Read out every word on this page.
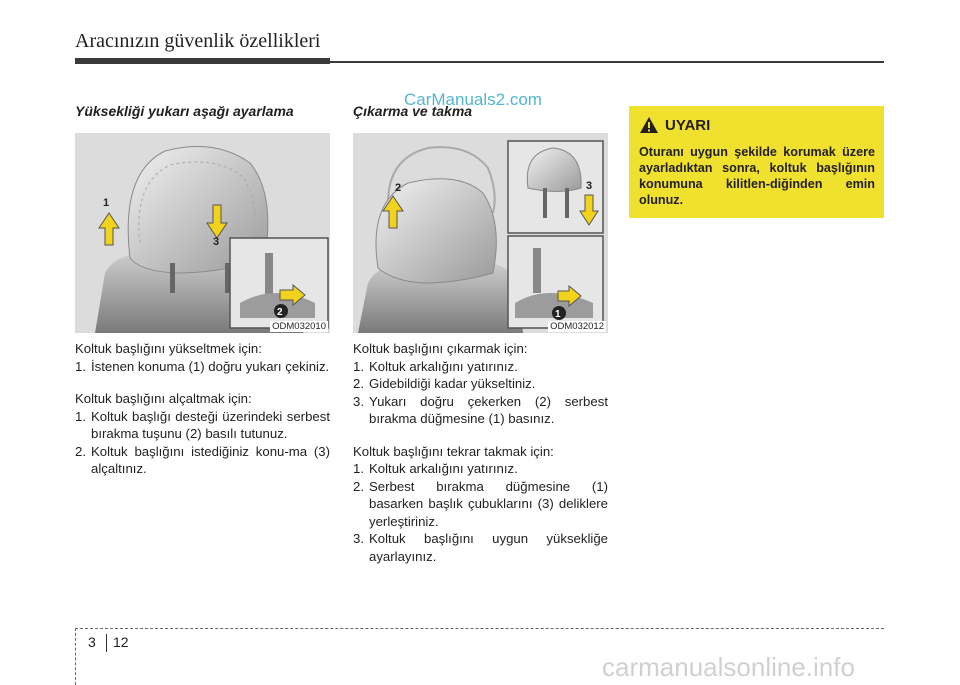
Aracınızın güvenlik özellikleri
Yüksekliği yukarı aşağı ayarlama	Çıkarma ve takma
CarManuals2.com
1
2
3
ODM032010
1
2	3
ODM032012

Koltuk başlığını yükseltmek için:

1. İstenen konuma (1) doğru yukarı çekiniz.

Koltuk başlığını alçaltmak için:

1. Koltuk başlığı desteği üzerindeki serbest bırakma tuşunu (2) basılı tutunuz.
2. Koltuk başlığını istediğiniz konu-ma (3) alçaltınız.

Koltuk başlığını çıkarmak için:

1. Koltuk arkalığını yatırınız.
2. Gidebildiği kadar yükseltiniz.
3. Yukarı doğru çekerken (2) serbest bırakma düğmesine (1) basınız.

Koltuk başlığını tekrar takmak için:

1. Koltuk arkalığını yatırınız.
2. Serbest bırakma düğmesine (1) basarken başlık çubuklarını (3) deliklere yerleştiriniz.
3. Koltuk başlığını uygun yüksekliğe ayarlayınız.
UYARI
Oturanı uygun şekilde korumak üzere ayarladıktan sonra, koltuk başlığının konumuna kilitlen-diğinden emin olunuz.
3 12
carmanualsonline.info
